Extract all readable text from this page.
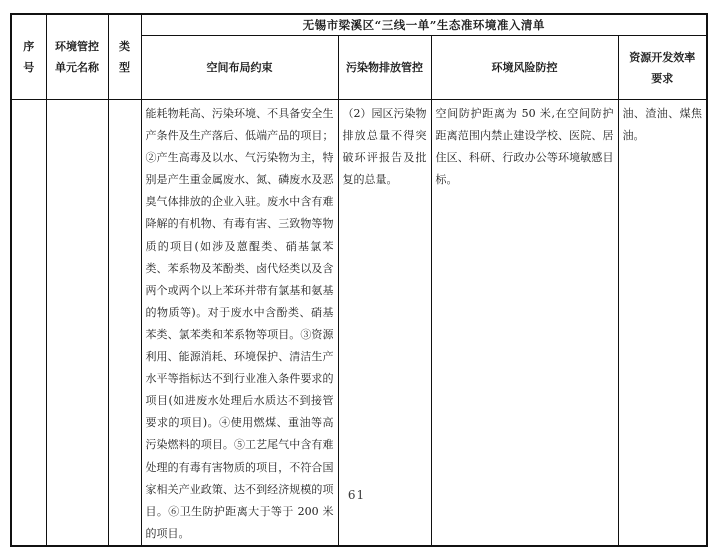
序号	环境管控单元名称	类型	无锡市梁溪区“三线一单”生态准环境准入清单			
			空间布局约束	污染物排放管控	环境风险防控	资源开发效率要求
			能耗物耗高、污染环境、不具备安全生产条件及生产落后、低端产品的项目；②产生高毒及以水、气污染物为主，特别是产生重金属废水、氮、磷废水及恶臭气体排放的企业入驻。废水中含有难降解的有机物、有毒有害、三致物等物质的项目(如涉及蒽醌类、硝基氯苯类、苯系物及苯酚类、卤代烃类以及含两个或两个以上苯环并带有氯基和氨基的物质等)。对于废水中含酚类、硝基苯类、氯苯类和苯系物等项目。③资源利用、能源消耗、环境保护、清洁生产水平等指标达不到行业准入条件要求的项目(如进废水处理后水质达不到接管要求的项目)。④使用燃煤、重油等高污染燃料的项目。⑤工艺尾气中含有难处理的有毒有害物质的项目，不符合国家相关产业政策、达不到经济规模的项目。⑥卫生防护距离大于等于 200 米的项目。	（2）园区污染物排放总量不得突破环评报告及批复的总量。	空间防护距离为 50 米,在空间防护距离范围内禁止建设学校、医院、居住区、科研、行政办公等环境敏感目标。	油、渣油、煤焦油。
61
